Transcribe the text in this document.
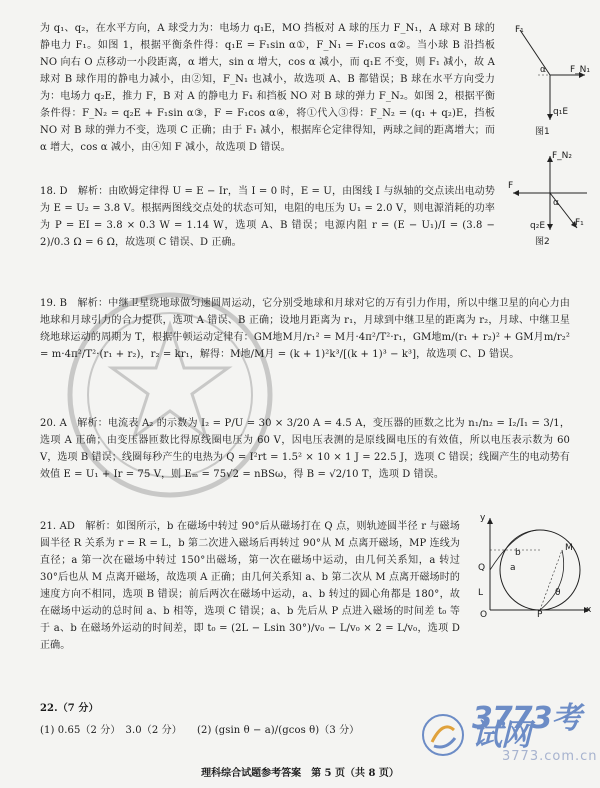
为 q₁、q₂，在水平方向，A 球受力为：电场力 q₁E，MO 挡板对 A 球的压力 F_N₁，A 球对 B 球的静电力 F₁。如图 1，根据平衡条件得：q₁E = F₁sin α①，F_N₁ = F₁cos α②。当小球 B 沿挡板 NO 向右 O 点移动一小段距离，α 增大，sin α 增大，cos α 减小，而 q₁E 不变，则 F₁ 减小，故 A 球对 B 球作用的静电力减小，由②知，F_N₁ 也减小，故选项 A、B 都错误；B 球在水平方向受力为：电场力 q₂E，推力 F，B 对 A 的静电力 F₁ 和挡板 NO 对 B 球的弹力 F_N₂。如图 2，根据平衡条件得：F_N₂ = q₂E + F₁sin α③，F = F₁cos α④，将①代入③得：F_N₂ = (q₁ + q₂)E，挡板 NO 对 B 球的弹力不变，选项 C 正确；由于 F₁ 减小，根据库仑定律得知，两球之间的距离增大；而 α 增大，cos α 减小，由④知 F 减小，故选项 D 错误。

F₁
α	F_N₁
q₁E
图1
F_N₂
F
α
q₂E	F₁
图2

18. D　解析：由欧姆定律得 U = E − Ir，当 I = 0 时，E = U，由图线 I 与纵轴的交点读出电动势为 E = U₂ = 3.8 V。根据两图线交点处的状态可知，电阻的电压为 U₁ = 2.0 V，则电源消耗的功率为 P = EI = 3.8 × 0.3 W = 1.14 W，选项 A、B 错误；电源内阻 r = (E − U₁)/I = (3.8 − 2)/0.3 Ω = 6 Ω，故选项 C 错误、D 正确。

19. B　解析：中继卫星绕地球做匀速圆周运动，它分别受地球和月球对它的万有引力作用，所以中继卫星的向心力由地球和月球引力的合力提供，选项 A 错误、B 正确；设地月距离为 r₁，月球到中继卫星的距离为 r₂，月球、中继卫星绕地球运动的周期为 T，根据牛顿运动定律有：GM地M月/r₁² = M月·4π²/T²·r₁，GM地m/(r₁ + r₂)² + GM月m/r₂² = m·4π²/T²·(r₁ + r₂)，r₂ = kr₁，解得：M地/M月 = (k + 1)²k³/[(k + 1)³ − k³]，故选项 C、D 错误。

20. A　解析：电流表 A₂ 的示数为 I₂ = P/U = 30 × 3/20 A = 4.5 A，变压器的匝数之比为 n₁/n₂ = I₂/I₁ = 3/1，选项 A 正确；由变压器匝数比得原线圈电压为 60 V，因电压表测的是原线圈电压的有效值，所以电压表示数为 60 V，选项 B 错误；线圈每秒产生的电热为 Q = I²rt = 1.5² × 10 × 1 J = 22.5 J，选项 C 错误；线圈产生的电动势有效值 E = U₁ + Ir = 75 V，则 Eₘ = 75√2 = nBSω，得 B = √2/10 T，选项 D 错误。

21. AD　解析：如图所示，b 在磁场中转过 90°后从磁场打在 Q 点，则轨迹圆半径 r 与磁场圆半径 R 关系为 r = R = L，b 第二次进入磁场后再转过 90°从 M 点离开磁场，MP 连线为直径；a 第一次在磁场中转过 150°出磁场，第一次在磁场中运动，由几何关系知，a 转过 30°后也从 M 点离开磁场，故选项 A 正确；由几何关系知 a、b 第二次从 M 点离开磁场时的速度方向不相同，选项 B 错误；前后两次在磁场中运动，a、b 转过的圆心角都是 180°，故在磁场中运动的总时间 a、b 相等，选项 C 错误；a、b 先后从 P 点进入磁场的时间差 t₀ 等于 a、b 在磁场外运动的时间差，即 t₀ = (2L − Lsin 30°)/v₀ − L/v₀ × 2 = L/v₀，选项 D 正确。

y
x
M
Q
L
O	P
a
b
θ

22.（7 分）

(1) 0.65（2 分）　3.0（2 分）　　(2) (gsin θ − a)/(gcos θ)（3 分）	3773考试网
3773.com.cn
理科综合试题参考答案　第 5 页（共 8 页）
